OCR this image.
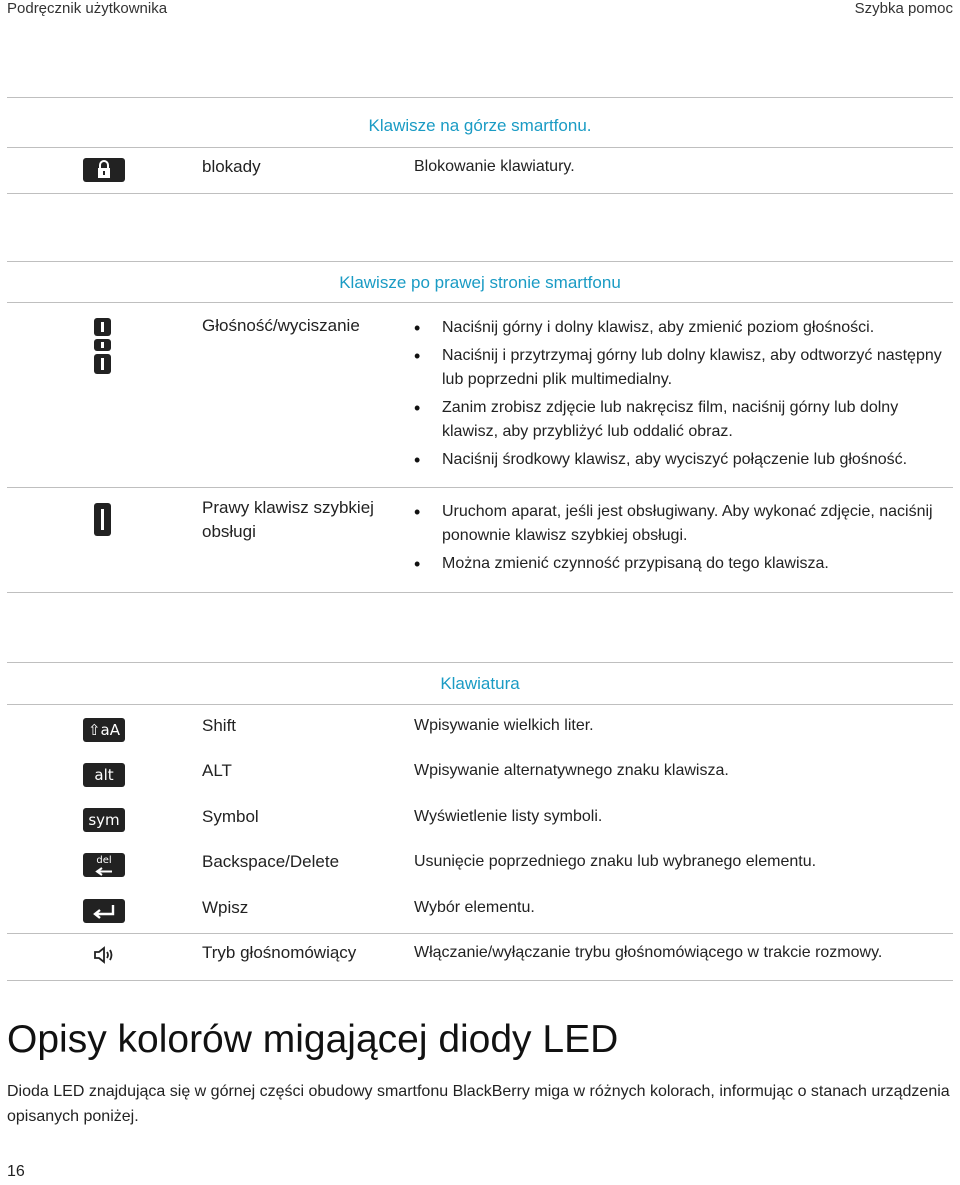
Podręcznik użytkownika	Szybka pomoc
Klawisze na górze smartfonu.
blokady	Blokowanie klawiatury.
Klawisze po prawej stronie smartfonu
Głośność/wyciszanie
•	Naciśnij górny i dolny klawisz, aby zmienić poziom głośności.
• Naciśnij i przytrzymaj górny lub dolny klawisz, aby odtworzyć następny lub poprzedni plik multimedialny.
• Zanim zrobisz zdjęcie lub nakręcisz film, naciśnij górny lub dolny klawisz, aby przybliżyć lub oddalić obraz.
• Naciśnij środkowy klawisz, aby wyciszyć połączenie lub głośność.
Prawy klawisz szybkiej obsługi
• Uruchom aparat, jeśli jest obsługiwany. Aby wykonać zdjęcie, naciśnij ponownie klawisz szybkiej obsługi.
• Można zmienić czynność przypisaną do tego klawisza.
Klawiatura
⇧aA	Shift	Wpisywanie wielkich liter.
alt	ALT	Wpisywanie alternatywnego znaku klawisza.
sym	Symbol	Wyświetlenie listy symboli.
del	Backspace/Delete	Usunięcie poprzedniego znaku lub wybranego elementu.
Wpisz	Wybór elementu.
Tryb głośnomówiący	Włączanie/wyłączanie trybu głośnomówiącego w trakcie rozmowy.
Opisy kolorów migającej diody LED
Dioda LED znajdująca się w górnej części obudowy smartfonu BlackBerry miga w różnych kolorach, informując o stanach urządzenia opisanych poniżej.
16
